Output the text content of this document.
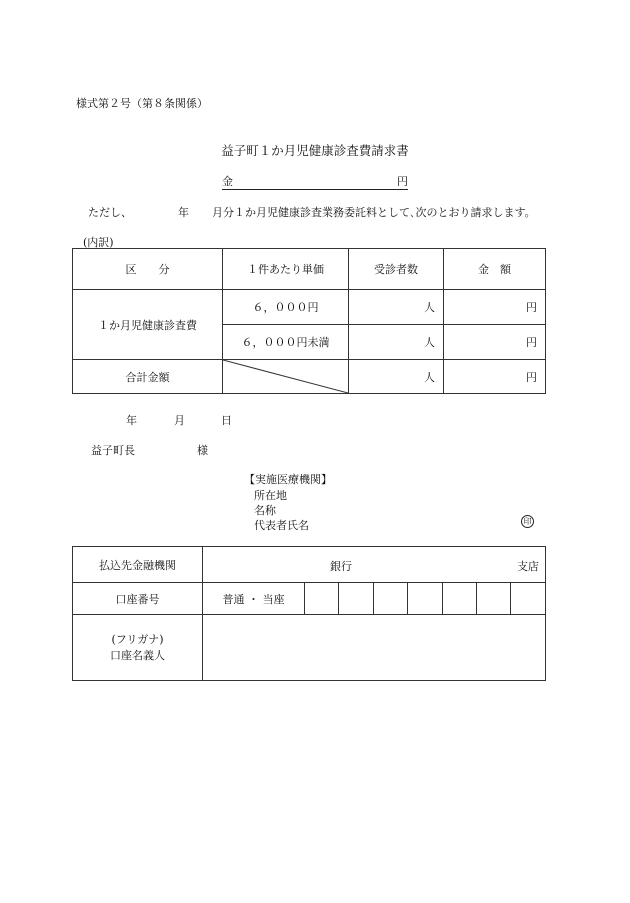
様式第２号（第８条関係）
益子町１か月児健康診査費請求書
金	円
ただし、	年 月分１か月児健康診査業務委託料として､次のとおり請求します。
(内訳)
区　　分	１件あたり単価	受診者数	金　額
１か月児健康診査費	６，０００円	人	円
	６，０００円未満	人	円
合計金額		人	円
年	月	日
益子町長	様
【実施医療機関】
所在地
名称
代表者氏名	印
払込先金融機関	銀行 支店							

口座番号	普通 ・ 当座							

(フリガナ)
口座名義人								
